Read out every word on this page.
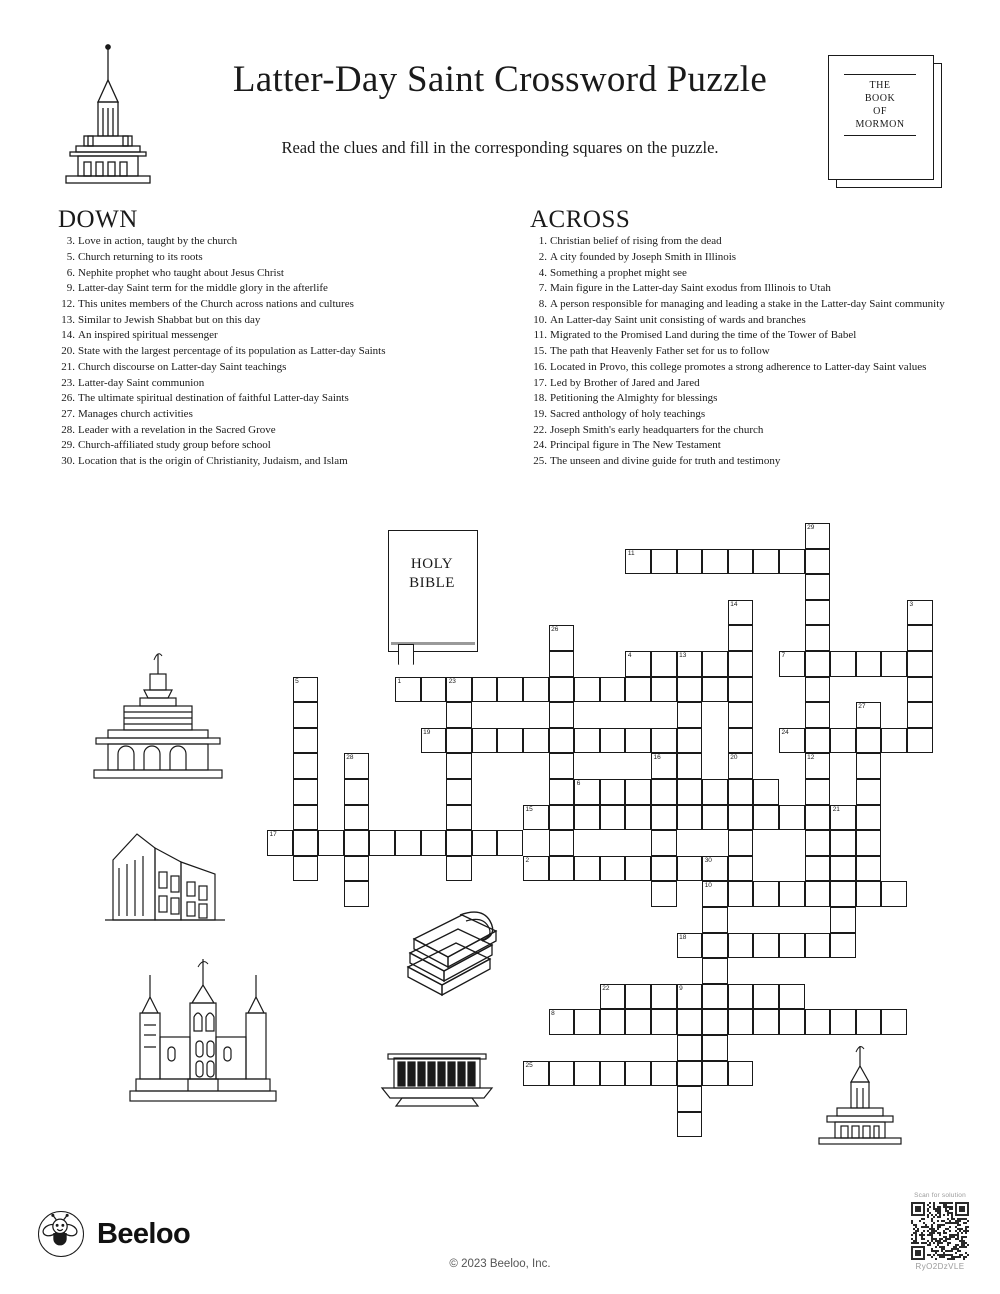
Latter-Day Saint Crossword Puzzle
Read the clues and fill in the corresponding squares on the puzzle.
THE
BOOK
OF
MORMON
DOWN
3. Love in action, taught by the church
5. Church returning to its roots
6. Nephite prophet who taught about Jesus Christ
9. Latter-day Saint term for the middle glory in the afterlife
12. This unites members of the Church across nations and cultures
13. Similar to Jewish Shabbat but on this day
14. An inspired spiritual messenger
20. State with the largest percentage of its population as Latter-day Saints
21. Church discourse on Latter-day Saint teachings
23. Latter-day Saint communion
26. The ultimate spiritual destination of faithful Latter-day Saints
27. Manages church activities
28. Leader with a revelation in the Sacred Grove
29. Church-affiliated study group before school
30. Location that is the origin of Christianity, Judaism, and Islam
ACROSS
1. Christian belief of rising from the dead
2. A city founded by Joseph Smith in Illinois
4. Something a prophet might see
7. Main figure in the Latter-day Saint exodus from Illinois to Utah
8. A person responsible for managing and leading a stake in the Latter-day Saint community
10. An Latter-day Saint unit consisting of wards and branches
11. Migrated to the Promised Land during the time of the Tower of Babel
15. The path that Heavenly Father set for us to follow
16. Located in Provo, this college promotes a strong adherence to Latter-day Saint values
17. Led by Brother of Jared and Jared
18. Petitioning the Almighty for blessings
19. Sacred anthology of holy teachings
22. Joseph Smith's early headquarters for the church
24. Principal figure in The New Testament
25. The unseen and divine guide for truth and testimony
HOLY
BIBLE
29
11
14
26
3
4	13	7
5	1	23
19
27
24
28	16	20	12
6
15	21
17
2	30
10
18
22	9
8
25
Beeloo
© 2023 Beeloo, Inc.
Scan for solution
RyO2DzVLE
